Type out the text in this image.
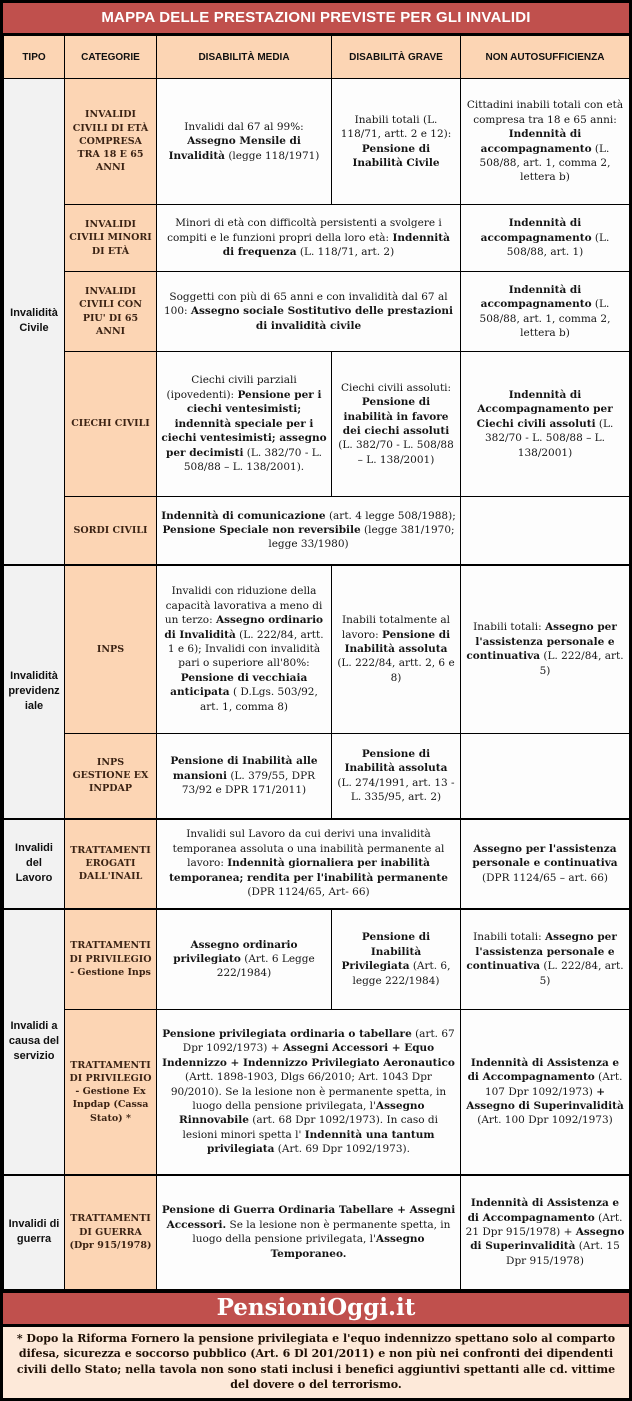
MAPPA DELLE PRESTAZIONI PREVISTE PER GLI INVALIDI
TIPO	CATEGORIE	DISABILITÀ MEDIA	DISABILITÀ GRAVE	NON AUTOSUFFICIENZA
Invalidità Civile	INVALIDI CIVILI DI ETÀ COMPRESA TRA 18 E 65 ANNI	Invalidi dal 67 al 99%: Assegno Mensile di Invalidità (legge 118/1971)	Inabili totali (L. 118/71, artt. 2 e 12): Pensione di Inabilità Civile	Cittadini inabili totali con età compresa tra 18 e 65 anni: Indennità di accompagnamento (L. 508/88, art. 1, comma 2, lettera b)
	INVALIDI CIVILI MINORI DI ETÀ	Minori di età con difficoltà persistenti a svolgere i compiti e le funzioni propri della loro età: Indennità di frequenza (L. 118/71, art. 2)		Indennità di accompagnamento (L. 508/88, art. 1)
	INVALIDI CIVILI CON PIU' DI 65 ANNI	Soggetti con più di 65 anni e con invalidità dal 67 al 100: Assegno sociale Sostitutivo delle prestazioni di invalidità civile		Indennità di accompagnamento (L. 508/88, art. 1, comma 2, lettera b)
	CIECHI CIVILI	Ciechi civili parziali (ipovedenti): Pensione per i ciechi ventesimisti; indennità speciale per i ciechi ventesimisti; assegno per decimisti (L. 382/70 - L. 508/88 – L. 138/2001).	Ciechi civili assoluti: Pensione di inabilità in favore dei ciechi assoluti (L. 382/70 - L. 508/88 – L. 138/2001)	Indennità di Accompagnamento per Ciechi civili assoluti (L. 382/70 - L. 508/88 – L. 138/2001)
	SORDI CIVILI	Indennità di comunicazione (art. 4 legge 508/1988); Pensione Speciale non reversibile (legge 381/1970; legge 33/1980)		
Invalidità previdenziale	INPS	Invalidi con riduzione della capacità lavorativa a meno di un terzo: Assegno ordinario di Invalidità (L. 222/84, artt. 1 e 6); Invalidi con invalidità pari o superiore all'80%: Pensione di vecchiaia anticipata ( D.Lgs. 503/92, art. 1, comma 8)	Inabili totalmente al lavoro: Pensione di Inabilità assoluta (L. 222/84, artt. 2, 6 e 8)	Inabili totali: Assegno per l'assistenza personale e continuativa (L. 222/84, art. 5)
	INPS GESTIONE EX INPDAP	Pensione di Inabilità alle mansioni (L. 379/55, DPR 73/92 e DPR 171/2011)	Pensione di Inabilità assoluta (L. 274/1991, art. 13 - L. 335/95, art. 2)	
Invalidi del Lavoro	TRATTAMENTI EROGATI DALL'INAIL	Invalidi sul Lavoro da cui derivi una invalidità temporanea assoluta o una inabilità permanente al lavoro: Indennità giornaliera per inabilità temporanea; rendita per l'inabilità permanente (DPR 1124/65, Art- 66)		Assegno per l'assistenza personale e continuativa (DPR 1124/65 – art. 66)
Invalidi a causa del servizio	TRATTAMENTI DI PRIVILEGIO - Gestione Inps	Assegno ordinario privilegiato (Art. 6 Legge 222/1984)	Pensione di Inabilità Privilegiata (Art. 6, legge 222/1984)	Inabili totali: Assegno per l'assistenza personale e continuativa (L. 222/84, art. 5)
	TRATTAMENTI DI PRIVILEGIO - Gestione Ex Inpdap (Cassa Stato) *	Pensione privilegiata ordinaria o tabellare (art. 67 Dpr 1092/1973) + Assegni Accessori + Equo Indennizzo + Indennizzo Privilegiato Aeronautico (Artt. 1898-1903, Dlgs 66/2010; Art. 1043 Dpr 90/2010). Se la lesione non è permanente spetta, in luogo della pensione privilegata, l'Assegno Rinnovabile (art. 68 Dpr 1092/1973). In caso di lesioni minori spetta l' Indennità una tantum privilegiata (Art. 69 Dpr 1092/1973).		Indennità di Assistenza e di Accompagnamento (Art. 107 Dpr 1092/1973) + Assegno di Superinvalidità (Art. 100 Dpr 1092/1973)
Invalidi di guerra	TRATTAMENTI DI GUERRA (Dpr 915/1978)	Pensione di Guerra Ordinaria Tabellare + Assegni Accessori. Se la lesione non è permanente spetta, in luogo della pensione privilegata, l'Assegno Temporaneo.		Indennità di Assistenza e di Accompagnamento (Art. 21 Dpr 915/1978) + Assegno di Superinvalidità (Art. 15 Dpr 915/1978)
PensioniOggi.it
* Dopo la Riforma Fornero la pensione privilegiata e l'equo indennizzo spettano solo al comparto difesa, sicurezza e soccorso pubblico (Art. 6 Dl 201/2011) e non più nei confronti dei dipendenti civili dello Stato; nella tavola non sono stati inclusi i benefici aggiuntivi spettanti alle cd. vittime del dovere o del terrorismo.
